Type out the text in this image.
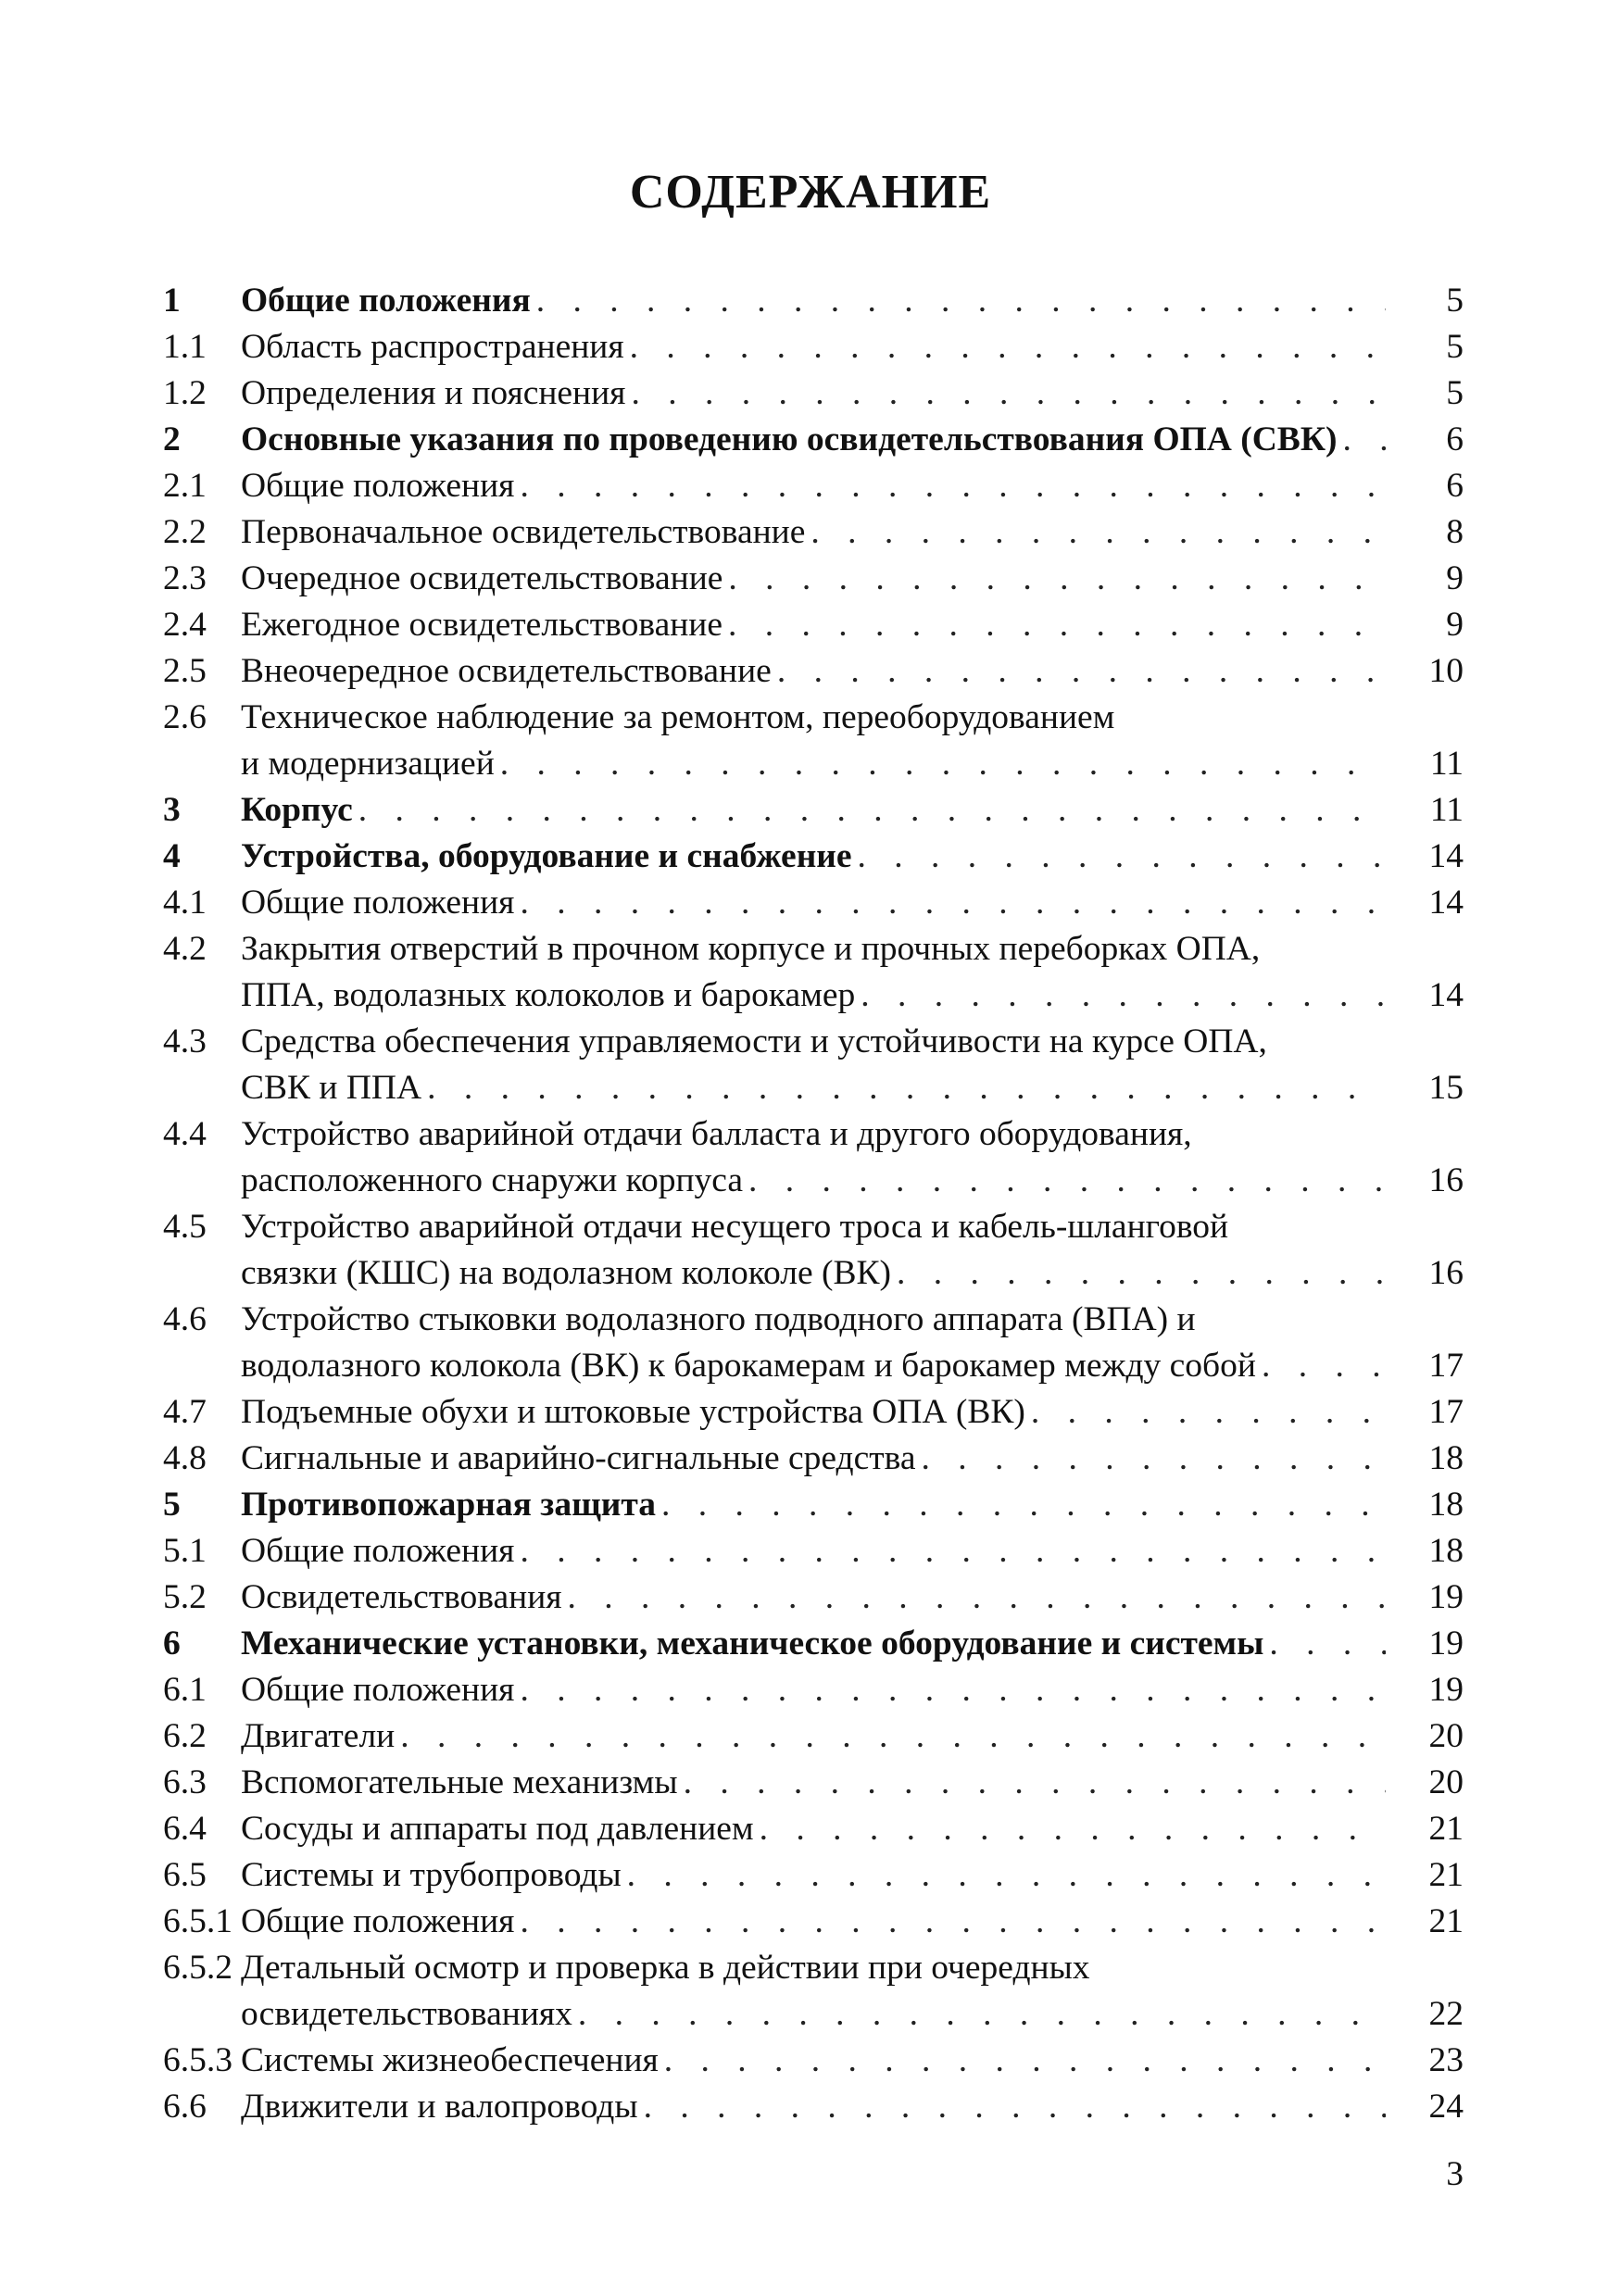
СОДЕРЖАНИЕ
1	Общие положения . . .	5
1.1 Область распространения . . .	5
1.2 Определения и пояснения . . .	5
2	Основные указания по проведению освидетельствования ОПА (СВК) . . .	6
2.1 Общие положения . . .	6
2.2 Первоначальное освидетельствование . . .	8
2.3 Очередное освидетельствование . . .	9
2.4 Ежегодное освидетельствование . . .	9
2.5 Внеочередное освидетельствование . . .	10
2.6 Техническое наблюдение за ремонтом, переоборудованием
и модернизацией . . .	11
3	Корпус . . .	11
4	Устройства, оборудование и снабжение . . .	14
4.1 Общие положения . . .	14
4.2 Закрытия отверстий в прочном корпусе и прочных переборках ОПА,
ППА, водолазных колоколов и барокамер . . .	14
4.3 Средства обеспечения управляемости и устойчивости на курсе ОПА,
СВК и ППА . . .	15
4.4 Устройство аварийной отдачи балласта и другого оборудования,
расположенного снаружи корпуса . . .	16
4.5 Устройство аварийной отдачи несущего троса и кабель-шланговой
связки (КШС) на водолазном колоколе (ВК) . . .	16
4.6 Устройство стыковки водолазного подводного аппарата (ВПА) и
водолазного колокола (ВК) к барокамерам и барокамер между собой . . .	17
4.7 Подъемные обухи и штоковые устройства ОПА (ВК) . . .	17
4.8 Сигнальные и аварийно-сигнальные средства . . .	18
5	Противопожарная защита . . .	18
5.1 Общие положения . . .	18
5.2 Освидетельствования . . .	19
6	Механические установки, механическое оборудование и системы . . .	19
6.1 Общие положения . . .	19
6.2 Двигатели . . .	20
6.3 Вспомогательные механизмы . . .	20
6.4 Сосуды и аппараты под давлением . . .	21
6.5 Системы и трубопроводы . . .	21
6.5.1 Общие положения . . .	21
6.5.2 Детальный осмотр и проверка в действии при очередных
освидетельствованиях . . .	22
6.5.3 Системы жизнеобеспечения . . .	23
6.6 Движители и валопроводы . . .	24
3
